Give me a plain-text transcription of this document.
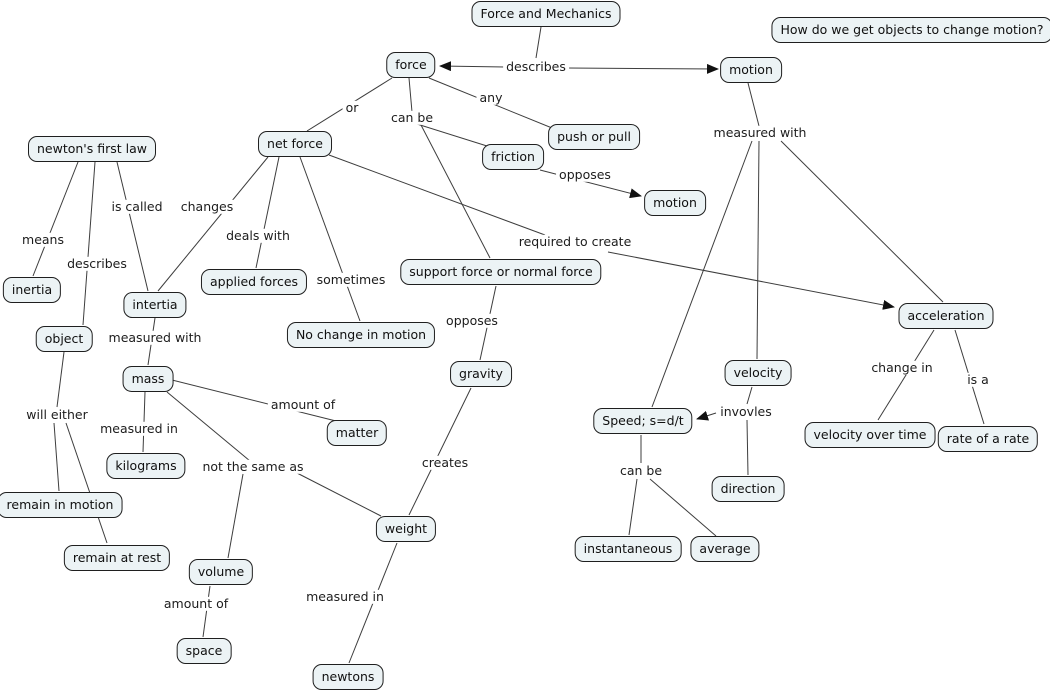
Force and Mechanics
How do we get objects to change motion?
force	motion
newton's first law	net force	push or pull
friction
motion
applied forces
support force or normal force
inertia
intertia
object	No change in motion
mass	gravity	velocity
acceleration
Speed; s=d/t
matter
kilograms
velocity over time	rate of a rate
direction
remain in motion
remain at rest
volume
weight
instantaneous	average
space
newtons
describes
or
can be
any
measured with
is called changes
means	deals with
describes
opposes
required to create
sometimes
opposes
measured with
change in
is a
amount of	invovles
will either
measured in
can be
not the same as	creates
amount of	measured in
